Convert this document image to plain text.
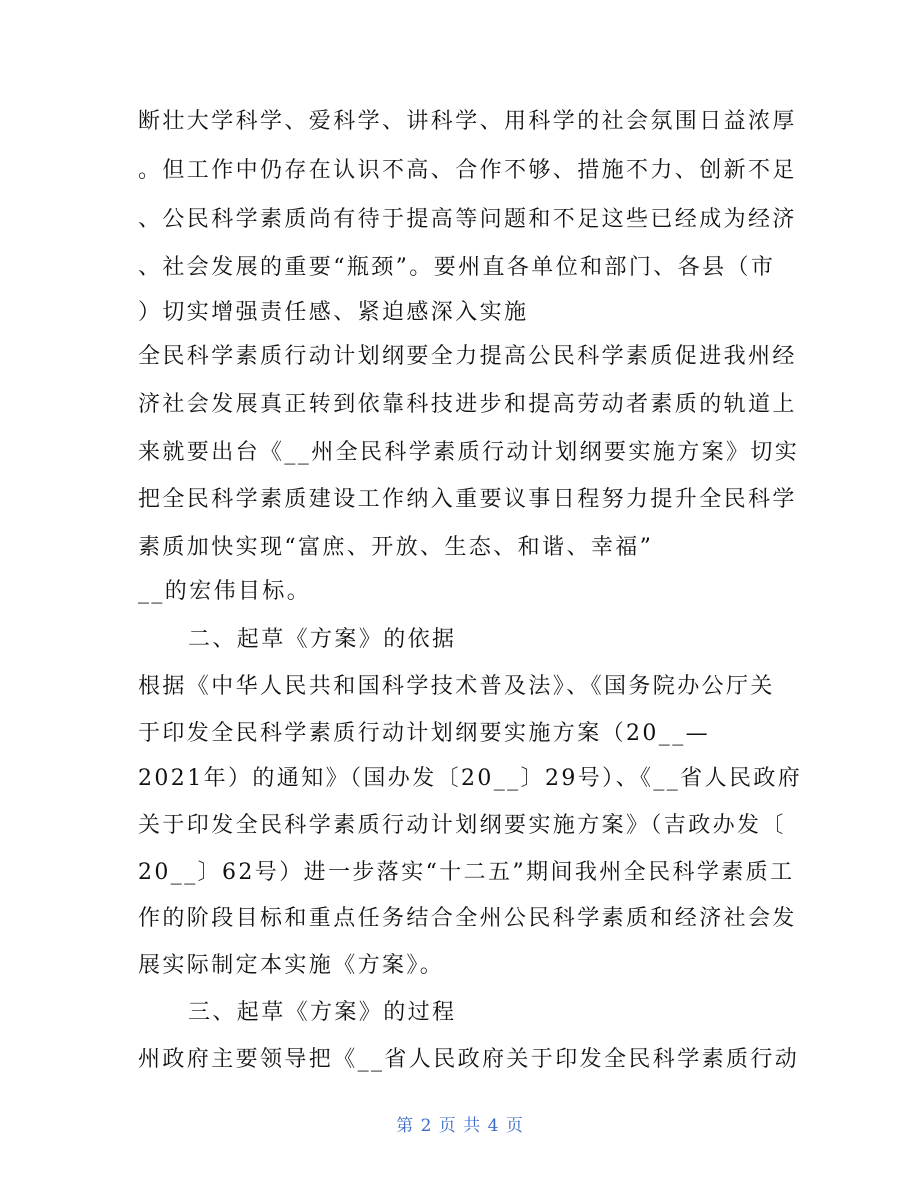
断壮大学科学、爱科学、讲科学、用科学的社会氛围日益浓厚
。但工作中仍存在认识不高、合作不够、措施不力、创新不足
、公民科学素质尚有待于提高等问题和不足这些已经成为经济
、社会发展的重要“瓶颈”。要州直各单位和部门、各县（市
）切实增强责任感、紧迫感深入实施
全民科学素质行动计划纲要全力提高公民科学素质促进我州经
济社会发展真正转到依靠科技进步和提高劳动者素质的轨道上
来就要出台《__州全民科学素质行动计划纲要实施方案》切实
把全民科学素质建设工作纳入重要议事日程努力提升全民科学
素质加快实现“富庶、开放、生态、和谐、幸福”
__的宏伟目标。
二、起草《方案》的依据
根据《中华人民共和国科学技术普及法》、《国务院办公厅关
于印发全民科学素质行动计划纲要实施方案（20__—
2021年）的通知》（国办发〔20__〕29号）、《__省人民政府
关于印发全民科学素质行动计划纲要实施方案》（吉政办发〔
20__〕62号）进一步落实“十二五”期间我州全民科学素质工
作的阶段目标和重点任务结合全州公民科学素质和经济社会发
展实际制定本实施《方案》。
三、起草《方案》的过程
州政府主要领导把《__省人民政府关于印发全民科学素质行动
第 2 页 共 4 页
